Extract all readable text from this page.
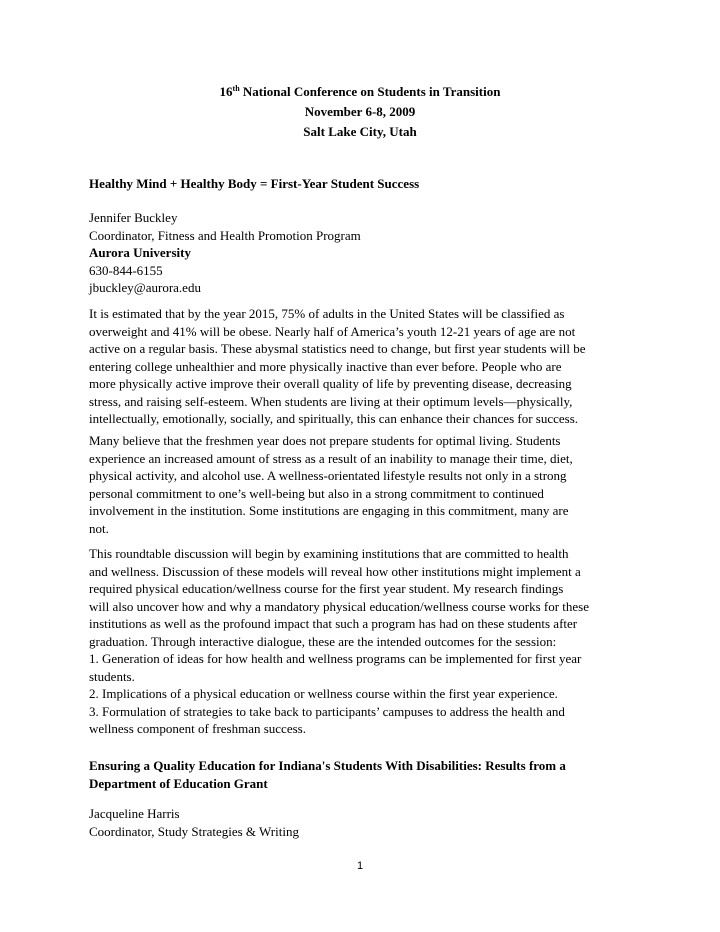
16th National Conference on Students in Transition
November 6-8, 2009
Salt Lake City, Utah

Healthy Mind + Healthy Body = First-Year Student Success

Jennifer Buckley

Coordinator, Fitness and Health Promotion Program

Aurora University

630-844-6155

jbuckley@aurora.edu

It is estimated that by the year 2015, 75% of adults in the United States will be classified as

overweight and 41% will be obese. Nearly half of America’s youth 12-21 years of age are not

active on a regular basis. These abysmal statistics need to change, but first year students will be

entering college unhealthier and more physically inactive than ever before. People who are

more physically active improve their overall quality of life by preventing disease, decreasing

stress, and raising self-esteem. When students are living at their optimum levels—physically,

intellectually, emotionally, socially, and spiritually, this can enhance their chances for success.

Many believe that the freshmen year does not prepare students for optimal living. Students

experience an increased amount of stress as a result of an inability to manage their time, diet,

physical activity, and alcohol use. A wellness-orientated lifestyle results not only in a strong

personal commitment to one’s well-being but also in a strong commitment to continued

involvement in the institution. Some institutions are engaging in this commitment, many are

not.

This roundtable discussion will begin by examining institutions that are committed to health

and wellness. Discussion of these models will reveal how other institutions might implement a

required physical education/wellness course for the first year student. My research findings

will also uncover how and why a mandatory physical education/wellness course works for these

institutions as well as the profound impact that such a program has had on these students after

graduation. Through interactive dialogue, these are the intended outcomes for the session:

1. Generation of ideas for how health and wellness programs can be implemented for first year

students.

2. Implications of a physical education or wellness course within the first year experience.

3. Formulation of strategies to take back to participants’ campuses to address the health and

wellness component of freshman success.

Ensuring a Quality Education for Indiana's Students With Disabilities: Results from a

Department of Education Grant

Jacqueline Harris

Coordinator, Study Strategies & Writing

1
